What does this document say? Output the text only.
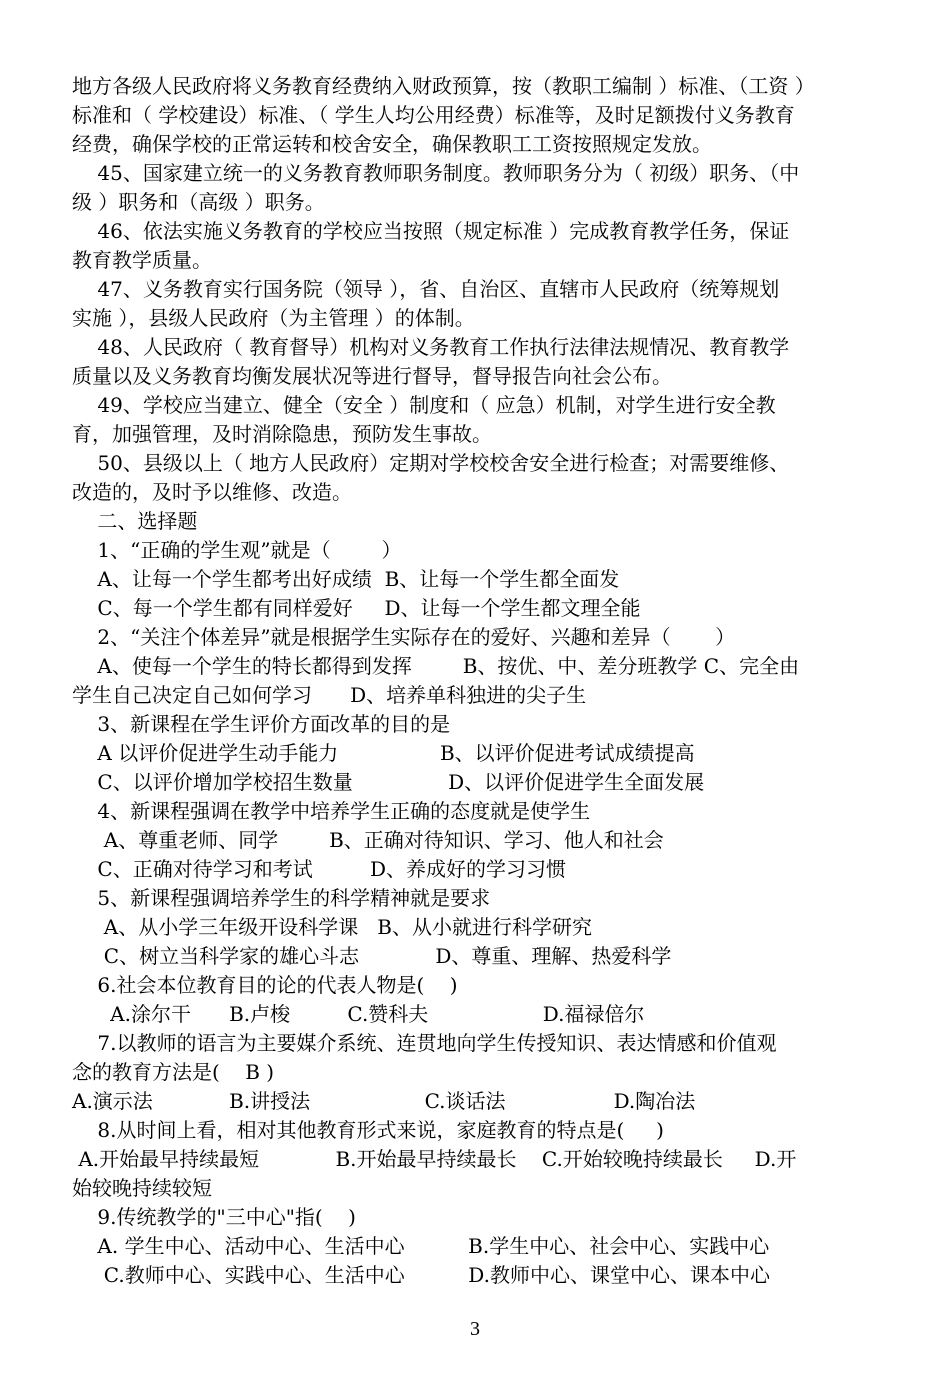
地方各级人民政府将义务教育经费纳入财政预算，按（教职工编制 ）标准、（工资 ）
标准和（ 学校建设）标准、（ 学生人均公用经费）标准等，及时足额拨付义务教育
经费，确保学校的正常运转和校舍安全，确保教职工工资按照规定发放。
45、国家建立统一的义务教育教师职务制度。教师职务分为（ 初级）职务、（中
级 ）职务和（高级 ）职务。
46、依法实施义务教育的学校应当按照（规定标准 ）完成教育教学任务，保证
教育教学质量。
47、义务教育实行国务院（领导 ），省、自治区、直辖市人民政府（统筹规划
实施 ），县级人民政府（为主管理 ）的体制。
48、人民政府（ 教育督导）机构对义务教育工作执行法律法规情况、教育教学
质量以及义务教育均衡发展状况等进行督导，督导报告向社会公布。
49、学校应当建立、健全（安全 ）制度和（ 应急）机制，对学生进行安全教
育，加强管理，及时消除隐患，预防发生事故。
50、县级以上（ 地方人民政府）定期对学校校舍安全进行检查；对需要维修、
改造的，及时予以维修、改造。
二、选择题
1、“正确的学生观”就是（        ）
A、让每一个学生都考出好成绩  B、让每一个学生都全面发
C、每一个学生都有同样爱好     D、让每一个学生都文理全能
2、“关注个体差异”就是根据学生实际存在的爱好、兴趣和差异（       ）
A、使每一个学生的特长都得到发挥        B、按优、中、差分班教学 C、完全由
学生自己决定自己如何学习      D、培养单科独进的尖子生
3、新课程在学生评价方面改革的目的是
A 以评价促进学生动手能力                B、以评价促进考试成绩提高
C、以评价增加学校招生数量               D、以评价促进学生全面发展
4、新课程强调在教学中培养学生正确的态度就是使学生
A、尊重老师、同学        B、正确对待知识、学习、他人和社会
C、正确对待学习和考试         D、养成好的学习习惯
5、新课程强调培养学生的科学精神就是要求
A、从小学三年级开设科学课   B、从小就进行科学研究
C、树立当科学家的雄心斗志            D、尊重、理解、热爱科学
6.社会本位教育目的论的代表人物是(    )
A.涂尔干      B.卢梭         C.赞科夫                  D.福禄倍尔
7.以教师的语言为主要媒介系统、连贯地向学生传授知识、表达情感和价值观
念的教育方法是(    B )
A.演示法            B.讲授法                  C.谈话法                 D.陶冶法
8.从时间上看，相对其他教育形式来说，家庭教育的特点是(     )
A.开始最早持续最短            B.开始最早持续最长    C.开始较晚持续最长     D.开
始较晚持续较短
9.传统教学的"三中心"指(    )
A. 学生中心、活动中心、生活中心          B.学生中心、社会中心、实践中心
C.教师中心、实践中心、生活中心          D.教师中心、课堂中心、课本中心
3
